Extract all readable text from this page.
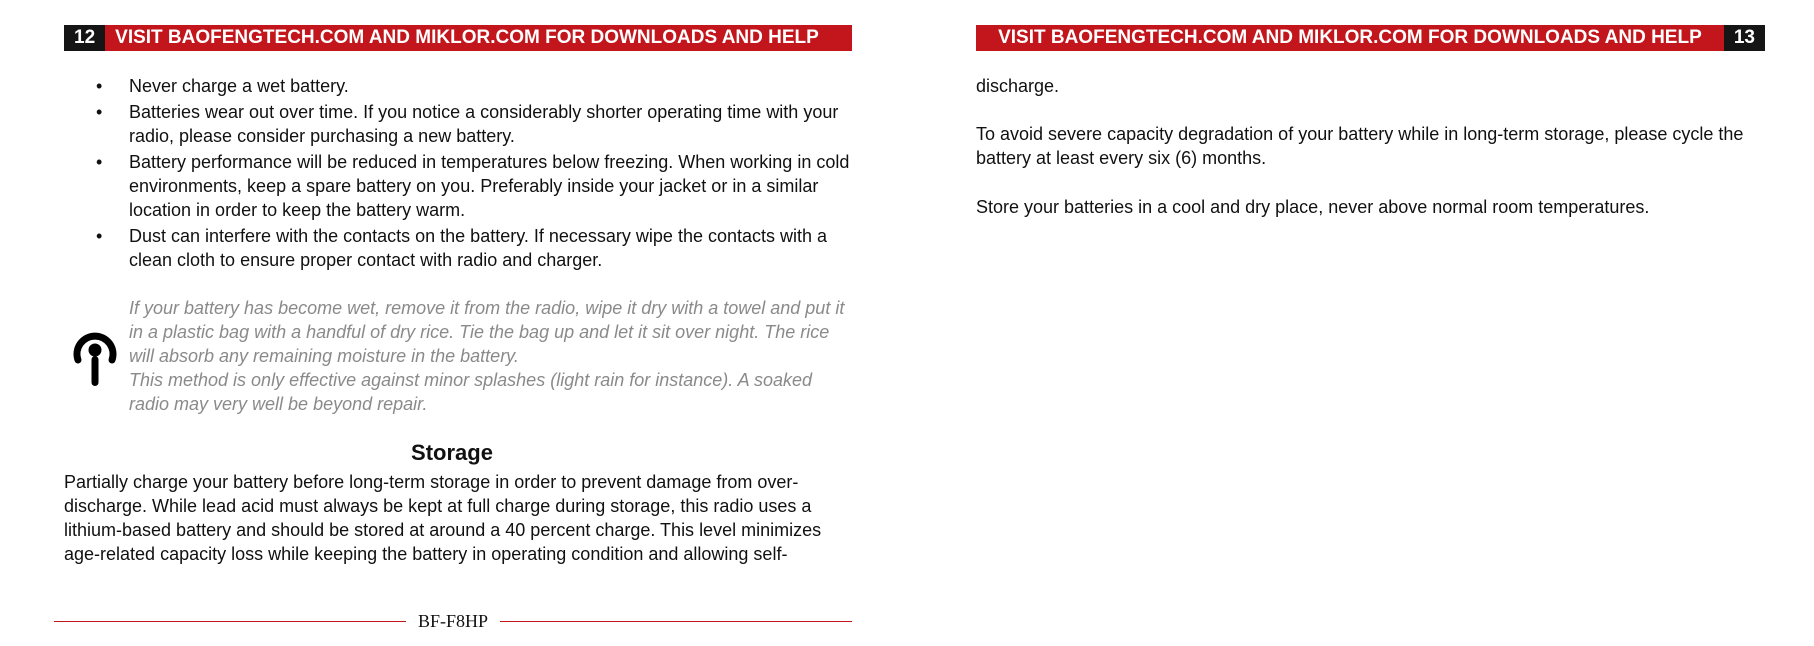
12	VISIT BAOFENGTECH.COM AND MIKLOR.COM FOR DOWNLOADS AND HELP
• Never charge a wet battery.
• Batteries wear out over time. If you notice a considerably shorter operating time with your radio, please consider purchasing a new battery.
• Battery performance will be reduced in temperatures below freezing. When working in cold environments, keep a spare battery on you. Preferably inside your jacket or in a similar location in order to keep the battery warm.
• Dust can interfere with the contacts on the battery. If necessary wipe the contacts with a clean cloth to ensure proper contact with radio and charger.

If your battery has become wet, remove it from the radio, wipe it dry with a towel and put it in a plastic bag with a handful of dry rice. Tie the bag up and let it sit over night. The rice will absorb any remaining moisture in the battery.

This method is only effective against minor splashes (light rain for instance). A soaked radio may very well be beyond repair.

Storage

Partially charge your battery before long-term storage in order to prevent damage from over-discharge. While lead acid must always be kept at full charge during storage, this radio uses a lithium-based battery and should be stored at around a 40 percent charge. This level minimizes age-related capacity loss while keeping the battery in operating condition and allowing self-

BF-F8HP
VISIT BAOFENGTECH.COM AND MIKLOR.COM FOR DOWNLOADS AND HELP	13

discharge.

To avoid severe capacity degradation of your battery while in long-term storage, please cycle the battery at least every six (6) months.

Store your batteries in a cool and dry place, never above normal room temperatures.
